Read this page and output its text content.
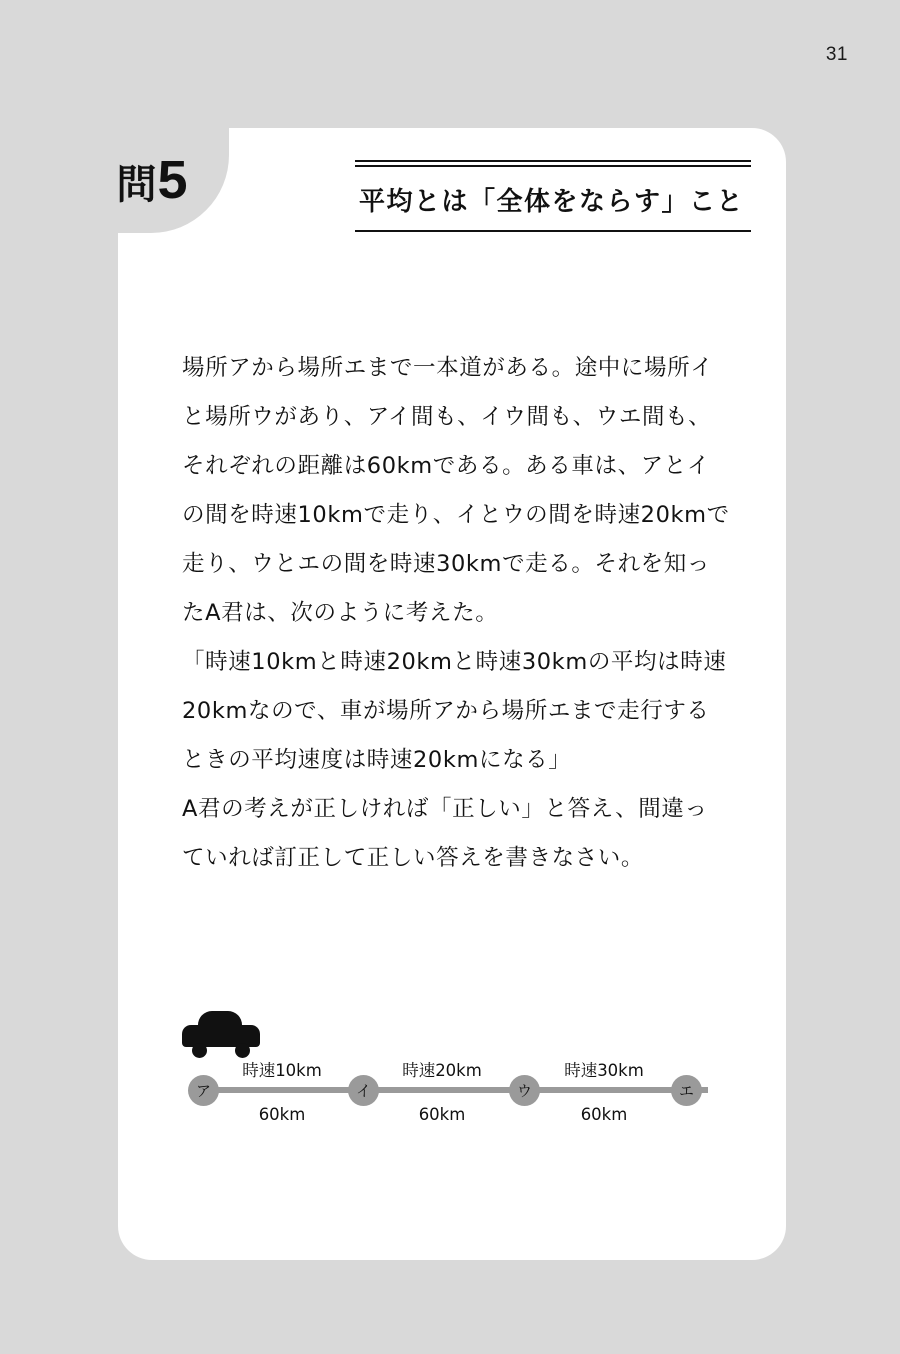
31
問 5	平均とは「全体をならす」こと

場所アから場所エまで一本道がある。途中に場所イと場所ウがあり、アイ間も、イウ間も、ウエ間も、それぞれの距離は60kmである。ある車は、アとイの間を時速10kmで走り、イとウの間を時速20kmで走り、ウとエの間を時速30kmで走る。それを知ったA君は、次のように考えた。

「時速10kmと時速20kmと時速30kmの平均は時速20kmなので、車が場所アから場所エまで走行するときの平均速度は時速20kmになる」

A君の考えが正しければ「正しい」と答え、間違っていれば訂正して正しい答えを書きなさい。

ア	イ	ウ	エ
時速10km	時速20km	時速30km
60km	60km	60km
